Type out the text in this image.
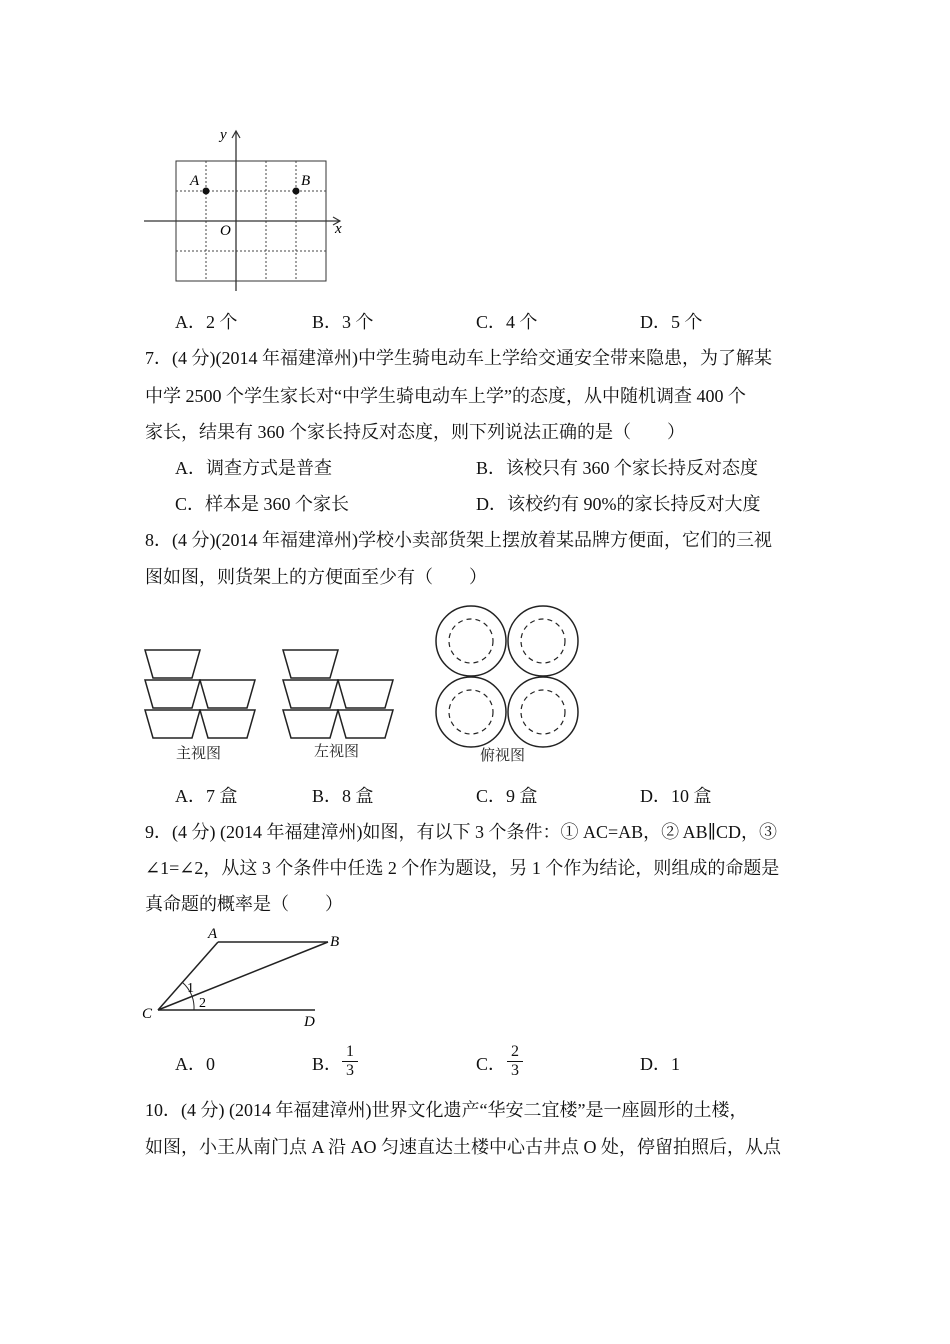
y
x
O
A	B
A．2 个	B．3 个	C．4 个	D．5 个
7．(4 分)(2014 年福建漳州)中学生骑电动车上学给交通安全带来隐患，为了解某
中学 2500 个学生家长对“中学生骑电动车上学”的态度，从中随机调查 400 个
家长，结果有 360 个家长持反对态度，则下列说法正确的是（　　）
A．调查方式是普查	B．该校只有 360 个家长持反对态度
C．样本是 360 个家长	D．该校约有 90%的家长持反对大度
8．(4 分)(2014 年福建漳州)学校小卖部货架上摆放着某品牌方便面，它们的三视
图如图，则货架上的方便面至少有（　　）
主视图	左视图	俯视图
A．7 盒	B．8 盒	C．9 盒	D．10 盒
9．(4 分) (2014 年福建漳州)如图，有以下 3 个条件：① AC=AB，② AB∥CD，③
∠1=∠2，从这 3 个条件中任选 2 个作为题设，另 1 个作为结论，则组成的命题是
真命题的概率是（　　）
A	B
C	D
1
2
A．0	B． $\frac{1}{3}$	C． $\frac{2}{3}$	D．1
10．(4 分) (2014 年福建漳州)世界文化遗产“华安二宜楼”是一座圆形的土楼，
如图，小王从南门点 A 沿 AO 匀速直达土楼中心古井点 O 处，停留拍照后，从点
